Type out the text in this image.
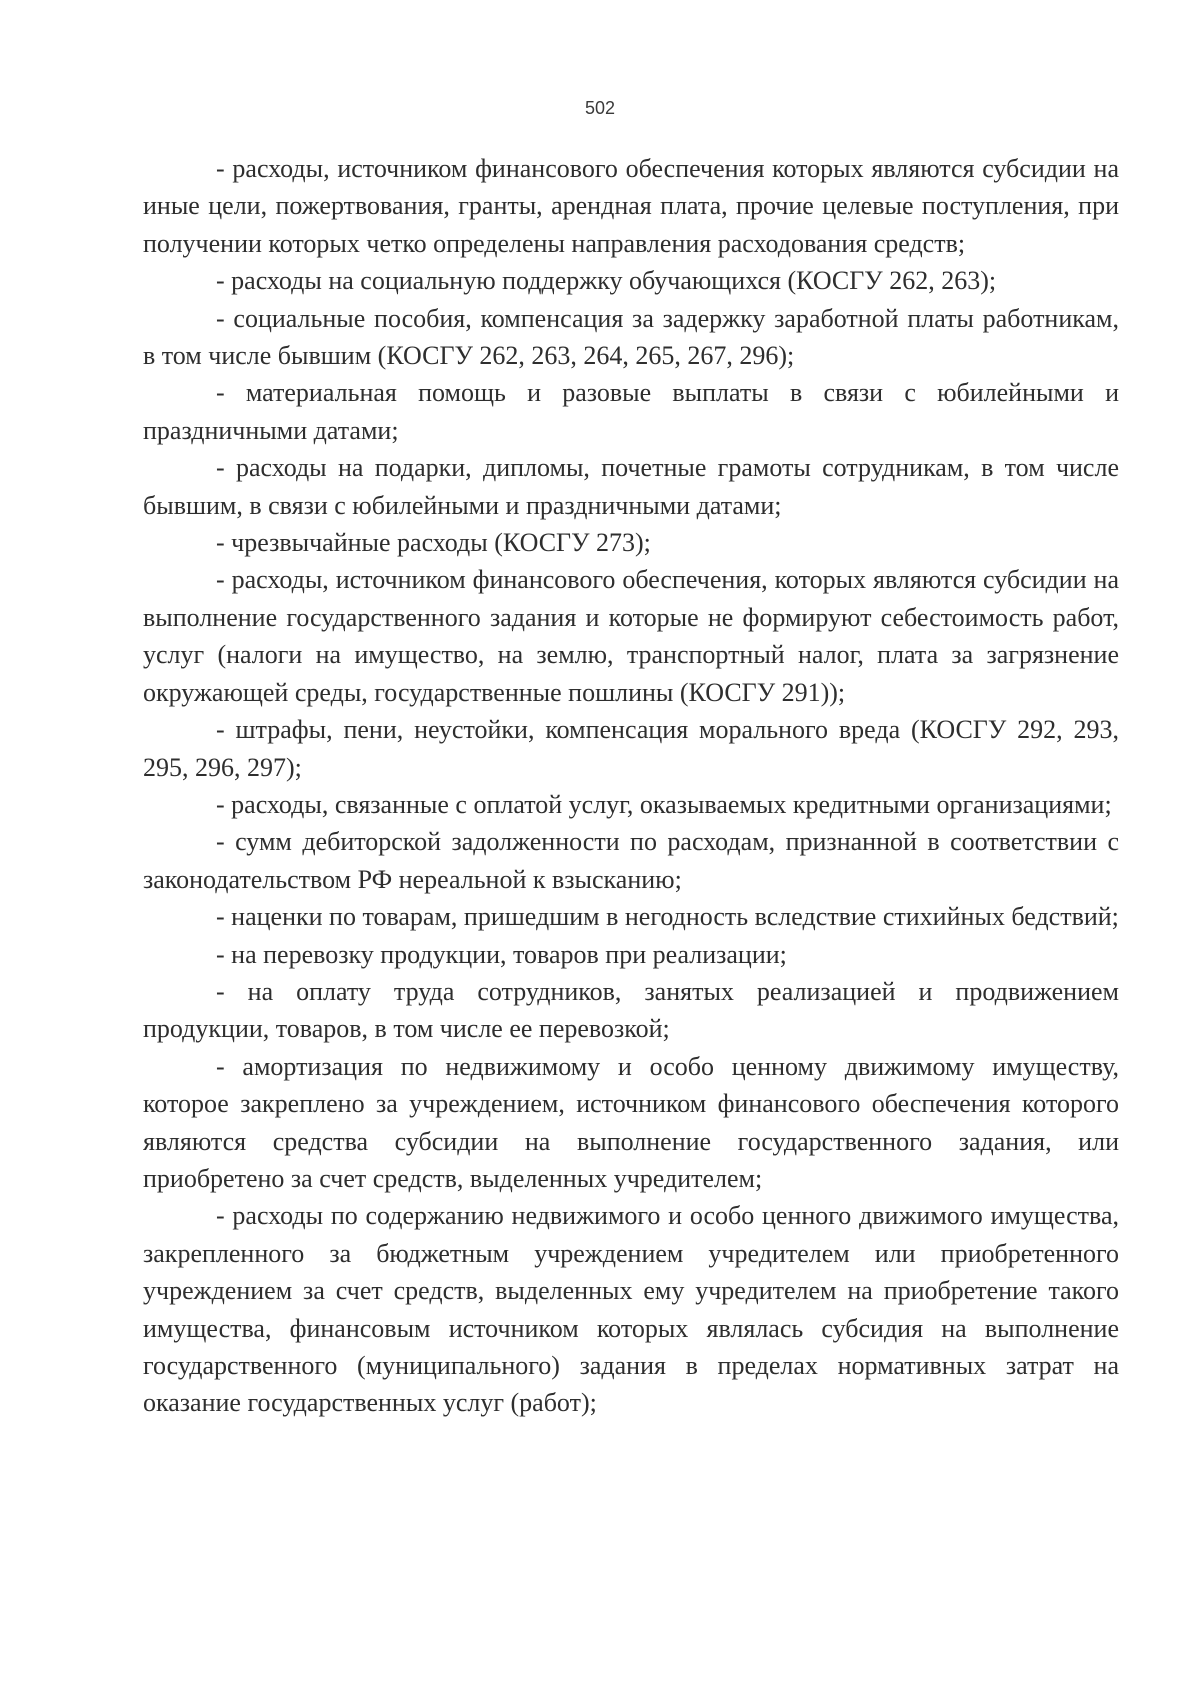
502

- расходы, источником финансового обеспечения которых являются субсидии на иные цели, пожертвования, гранты, арендная плата, прочие целевые поступления, при получении которых четко определены направления расходования средств;

- расходы на социальную поддержку обучающихся (КОСГУ 262, 263);

- социальные пособия, компенсация за задержку заработной платы работникам, в том числе бывшим (КОСГУ 262, 263, 264, 265, 267, 296);

- материальная помощь и разовые выплаты в связи с юбилейными и праздничными датами;

- расходы на подарки, дипломы, почетные грамоты сотрудникам, в том числе бывшим, в связи с юбилейными и праздничными датами;

- чрезвычайные расходы (КОСГУ 273);

- расходы, источником финансового обеспечения, которых являются субсидии на выполнение государственного задания и которые не формируют себестоимость работ, услуг (налоги на имущество, на землю, транспортный налог, плата за загрязнение окружающей среды, государственные пошлины (КОСГУ 291));

- штрафы, пени, неустойки, компенсация морального вреда (КОСГУ 292, 293, 295, 296, 297);

- расходы, связанные с оплатой услуг, оказываемых кредитными организациями;

- сумм дебиторской задолженности по расходам, признанной в соответствии с законодательством РФ нереальной к взысканию;

- наценки по товарам, пришедшим в негодность вследствие стихийных бедствий;

- на перевозку продукции, товаров при реализации;

- на оплату труда сотрудников, занятых реализацией и продвижением продукции, товаров, в том числе ее перевозкой;

- амортизация по недвижимому и особо ценному движимому имуществу, которое закреплено за учреждением, источником финансового обеспечения которого являются средства субсидии на выполнение государственного задания, или приобретено за счет средств, выделенных учредителем;

- расходы по содержанию недвижимого и особо ценного движимого имущества, закрепленного за бюджетным учреждением учредителем или приобретенного учреждением за счет средств, выделенных ему учредителем на приобретение такого имущества, финансовым источником которых являлась субсидия на выполнение государственного (муниципального) задания в пределах нормативных затрат на оказание государственных услуг (работ);
